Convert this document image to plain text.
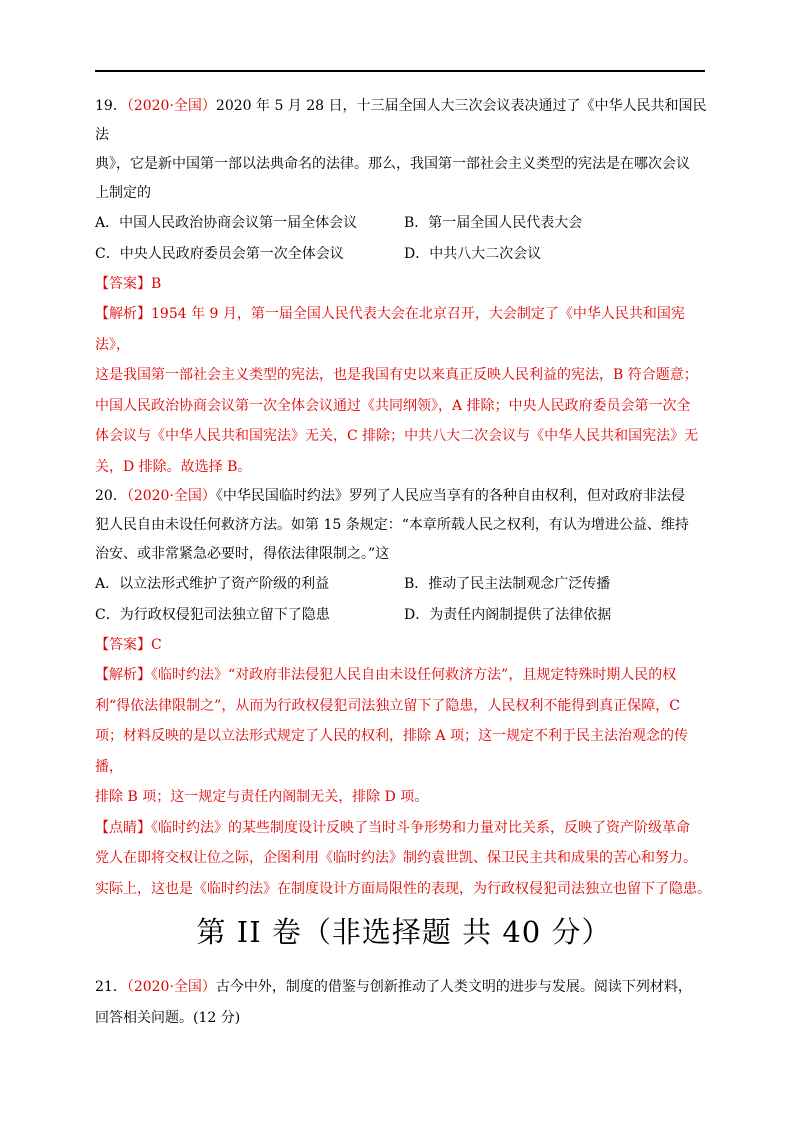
19．（2020·全国）2020 年 5 月 28 日，十三届全国人大三次会议表决通过了《中华人民共和国民法

典》，它是新中国第一部以法典命名的法律。那么，我国第一部社会主义类型的宪法是在哪次会议

上制定的

A．中国人民政治协商会议第一届全体会议	B．第一届全国人民代表大会
C．中央人民政府委员会第一次全体会议	D．中共八大二次会议

【答案】B

【解析】1954 年 9 月，第一届全国人民代表大会在北京召开，大会制定了《中华人民共和国宪法》，
这是我国第一部社会主义类型的宪法，也是我国有史以来真正反映人民利益的宪法，B 符合题意；
中国人民政治协商会议第一次全体会议通过《共同纲领》，A 排除；中央人民政府委员会第一次全
体会议与《中华人民共和国宪法》无关，C 排除；中共八大二次会议与《中华人民共和国宪法》无
关，D 排除。故选择 B。

20．（2020·全国）《中华民国临时约法》罗列了人民应当享有的各种自由权利，但对政府非法侵

犯人民自由未设任何救济方法。如第 15 条规定：“本章所载人民之权利，有认为增进公益、维持

治安、或非常紧急必要时，得依法律限制之。”这

A．以立法形式维护了资产阶级的利益	B．推动了民主法制观念广泛传播
C．为行政权侵犯司法独立留下了隐患	D．为责任内阁制提供了法律依据

【答案】C

【解析】《临时约法》“对政府非法侵犯人民自由未设任何救济方法”，且规定特殊时期人民的权
利“得依法律限制之”，从而为行政权侵犯司法独立留下了隐患，人民权利不能得到真正保障，C
项；材料反映的是以立法形式规定了人民的权利，排除 A 项；这一规定不利于民主法治观念的传播，
排除 B 项；这一规定与责任内阁制无关，排除 D 项。
【点睛】《临时约法》的某些制度设计反映了当时斗争形势和力量对比关系，反映了资产阶级革命
党人在即将交权让位之际，企图利用《临时约法》制约袁世凯、保卫民主共和成果的苦心和努力。
实际上，这也是《临时约法》在制度设计方面局限性的表现，为行政权侵犯司法独立也留下了隐患。
第 II 卷（非选择题 共 40 分）

21．（2020·全国）古今中外，制度的借鉴与创新推动了人类文明的进步与发展。阅读下列材料，

回答相关问题。(12 分)
